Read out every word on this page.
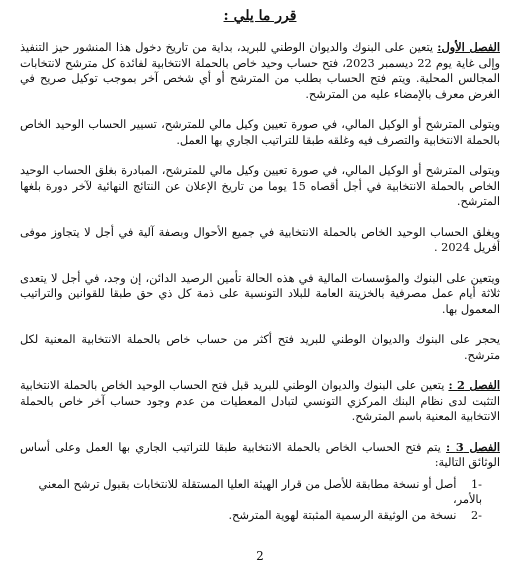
قرر ما يلي :

الفصل الأول: يتعين على البنوك والديوان الوطني للبريد، بداية من تاريخ دخول هذا المنشور حيز التنفيذ وإلى غاية يوم 22 ديسمبر 2023، فتح حساب وحيد خاص بالحملة الانتخابية لفائدة كل مترشح لانتخابات المجالس المحلية. ويتم فتح الحساب بطلب من المترشح أو أي شخص آخر بموجب توكيل صريح في الغرض معرف بالإمضاء عليه من المترشح.

ويتولى المترشح أو الوكيل المالي، في صورة تعيين وكيل مالي للمترشح، تسيير الحساب الوحيد الخاص بالحملة الانتخابية والتصرف فيه وغلقه طبقا للتراتيب الجاري بها العمل.

ويتولى المترشح أو الوكيل المالي، في صورة تعيين وكيل مالي للمترشح، المبادرة بغلق الحساب الوحيد الخاص بالحملة الانتخابية في أجل أقصاه 15 يوما من تاريخ الإعلان عن النتائج النهائية لآخر دورة بلغها المترشح.

ويغلق الحساب الوحيد الخاص بالحملة الانتخابية في جميع الأحوال وبصفة آلية في أجل لا يتجاوز موفى أفريل 2024 .

ويتعين على البنوك والمؤسسات المالية في هذه الحالة تأمين الرصيد الدائن، إن وجد، في أجل لا يتعدى ثلاثة أيام عمل مصرفية بالخزينة العامة للبلاد التونسية على ذمة كل ذي حق طبقا للقوانين والتراتيب المعمول بها.

يحجر على البنوك والديوان الوطني للبريد فتح أكثر من حساب خاص بالحملة الانتخابية المعنية لكل مترشح.

الفصل 2 : يتعين على البنوك والديوان الوطني للبريد قبل فتح الحساب الوحيد الخاص بالحملة الانتخابية التثبت لدى نظام البنك المركزي التونسي لتبادل المعطيات من عدم وجود حساب آخر خاص بالحملة الانتخابية المعنية باسم المترشح.

الفصل 3 : يتم فتح الحساب الخاص بالحملة الانتخابية طبقا للتراتيب الجاري بها العمل وعلى أساس الوثائق التالية:

-1 أصل أو نسخة مطابقة للأصل من قرار الهيئة العليا المستقلة للانتخابات بقبول ترشح المعني بالأمر،
-2 نسخة من الوثيقة الرسمية المثبتة لهوية المترشح.
2
